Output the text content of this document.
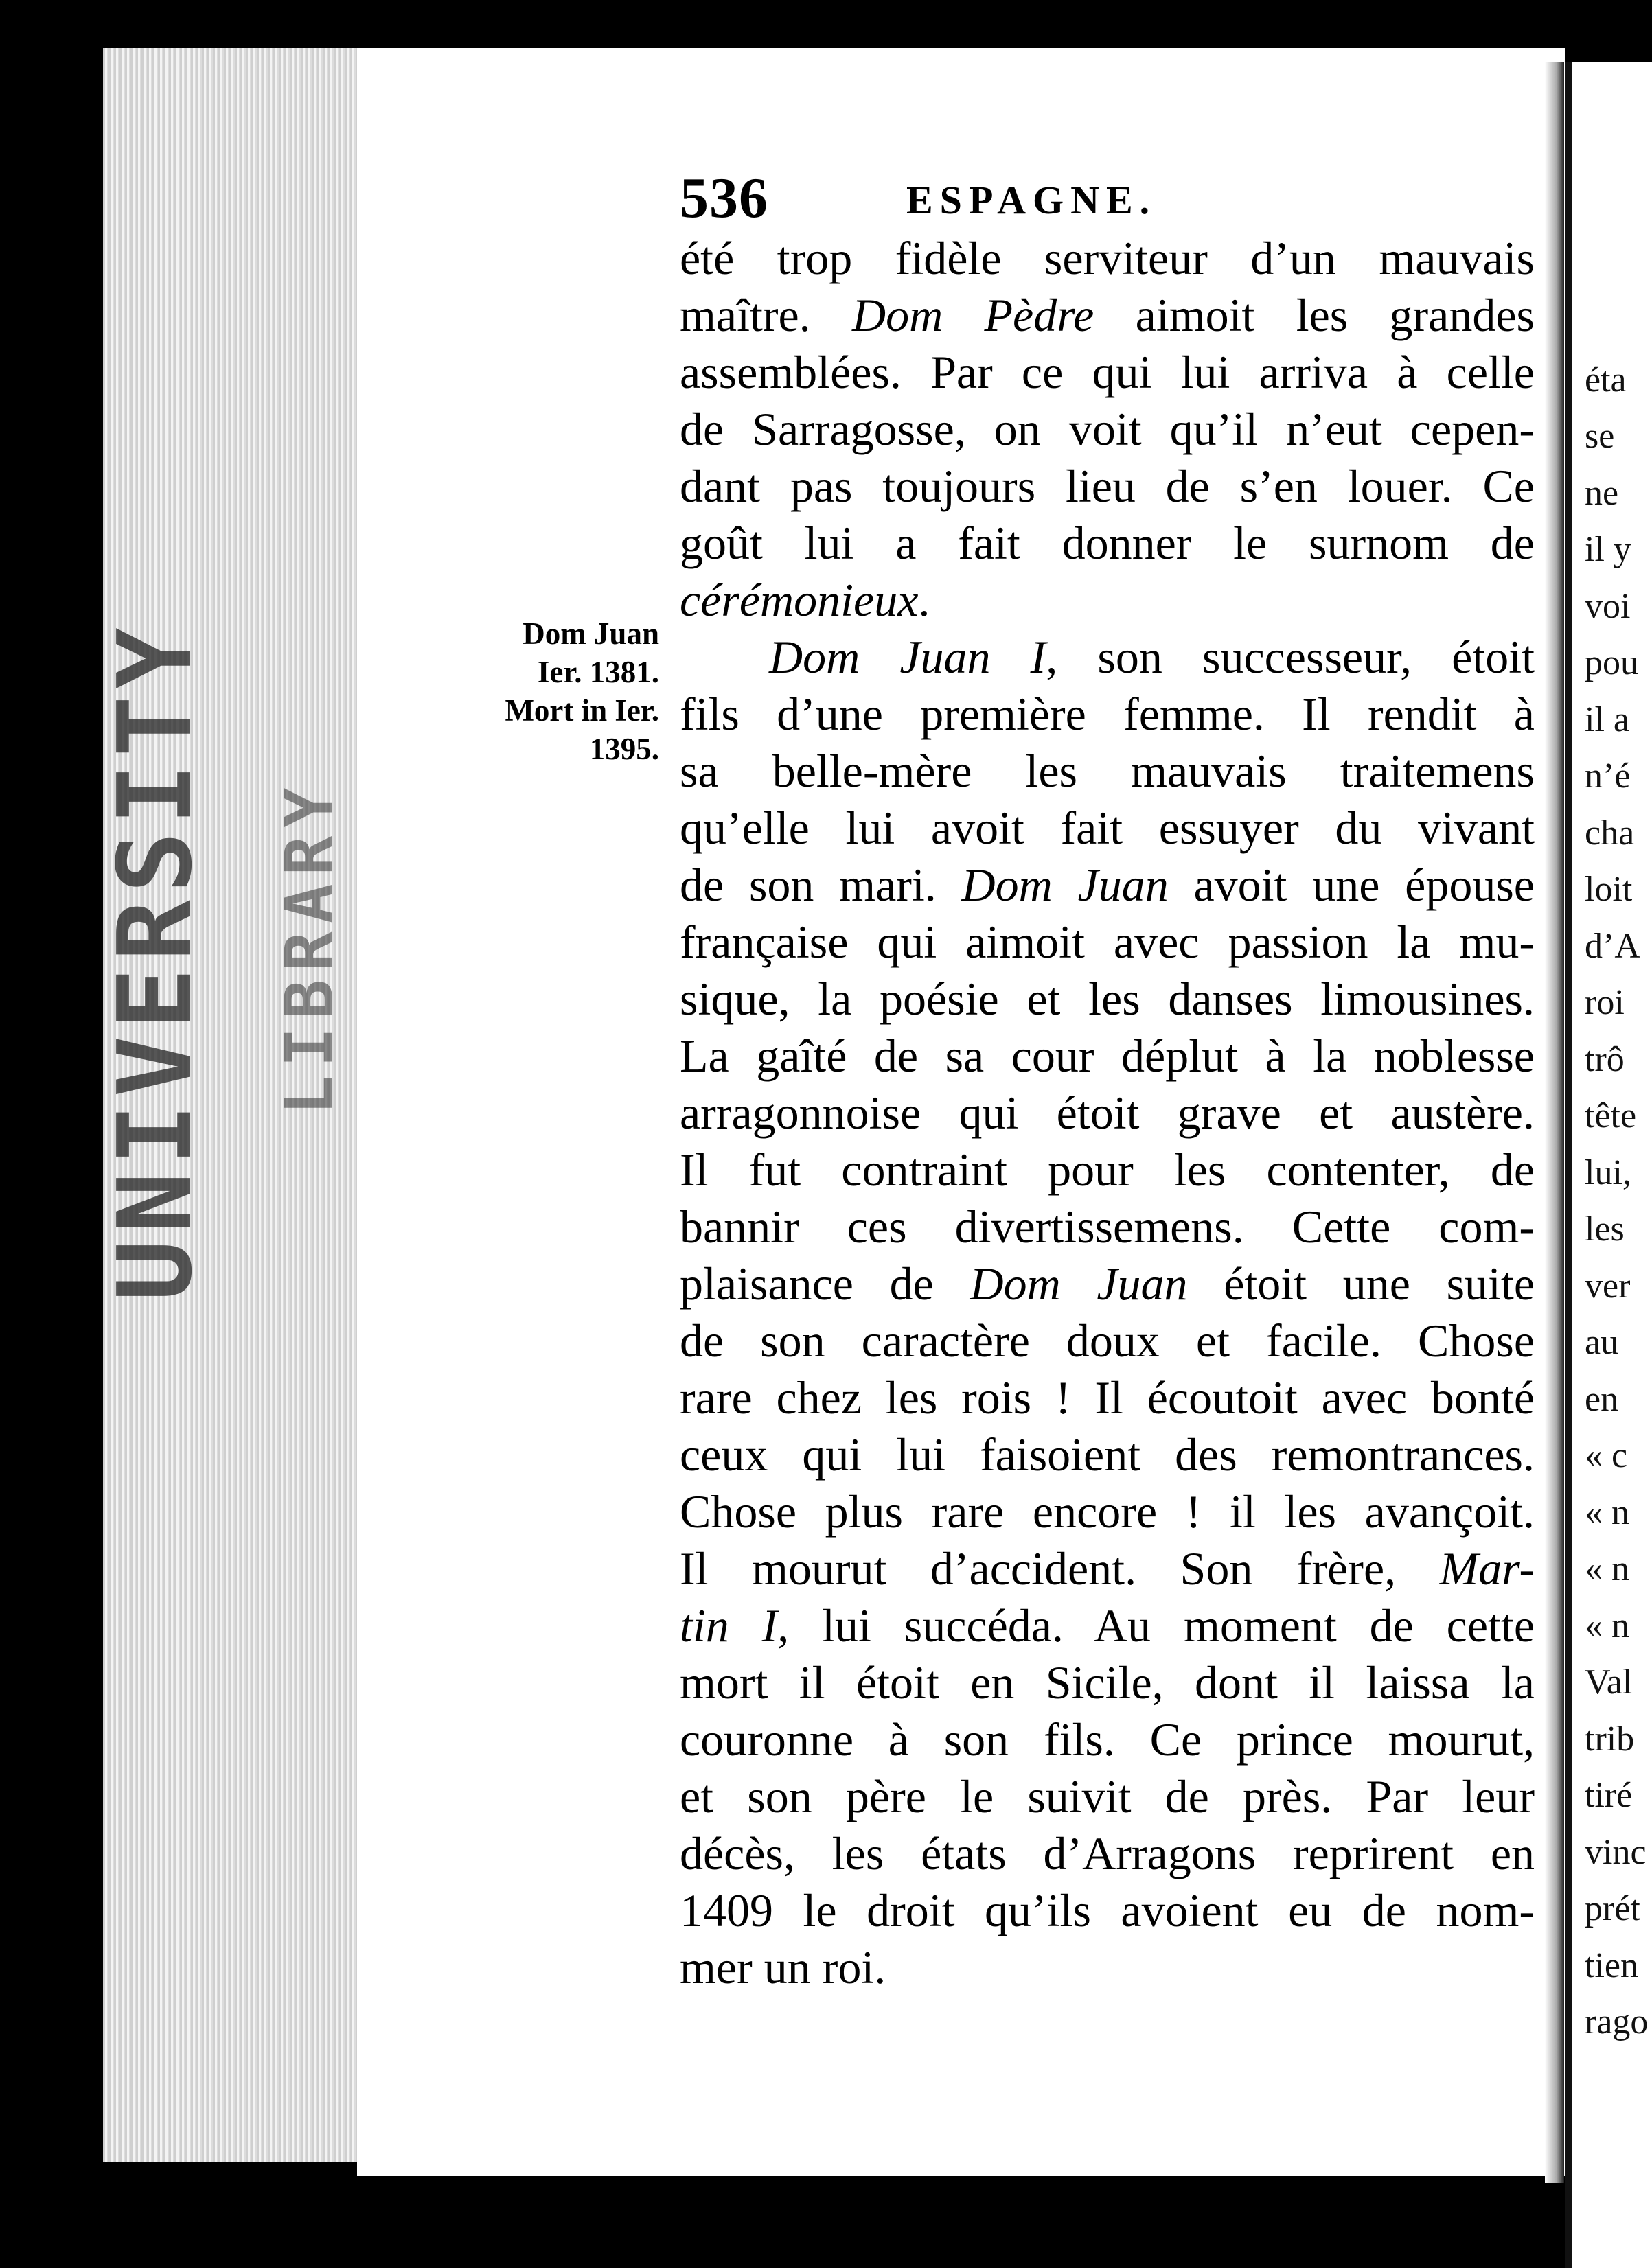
UNIVERSITY LIBRARY

éta
se
ne
il y
voi
pou
il a
n’é
cha
loit
d’A
roi
trô
tête
lui,
les
ver
au
en
« c
« n
« n
« n
Val
trib
tiré
vinc
prét
tien
rago
536	ESPAGNE.
Dom Juan
Ier. 1381.
Mort in Ier.
1395.
été trop fidèle serviteur d’un mauvais
maître. Dom Pèdre aimoit les grandes
assemblées. Par ce qui lui arriva à celle
de Sarragosse, on voit qu’il n’eut cepen-
dant pas toujours lieu de s’en louer. Ce
goût lui a fait donner le surnom de
cérémonieux.
Dom Juan I, son successeur, étoit
fils d’une première femme. Il rendit à
sa belle-mère les mauvais traitemens
qu’elle lui avoit fait essuyer du vivant
de son mari. Dom Juan avoit une épouse
française qui aimoit avec passion la mu-
sique, la poésie et les danses limousines.
La gaîté de sa cour déplut à la noblesse
arragonnoise qui étoit grave et austère.
Il fut contraint pour les contenter, de
bannir ces divertissemens. Cette com-
plaisance de Dom Juan étoit une suite
de son caractère doux et facile. Chose
rare chez les rois ! Il écoutoit avec bonté
ceux qui lui faisoient des remontrances.
Chose plus rare encore ! il les avançoit.
Il mourut d’accident. Son frère, Mar-
tin I, lui succéda. Au moment de cette
mort il étoit en Sicile, dont il laissa la
couronne à son fils. Ce prince mourut,
et son père le suivit de près. Par leur
décès, les états d’Arragons reprirent en
1409 le droit qu’ils avoient eu de nom-
mer un roi.
